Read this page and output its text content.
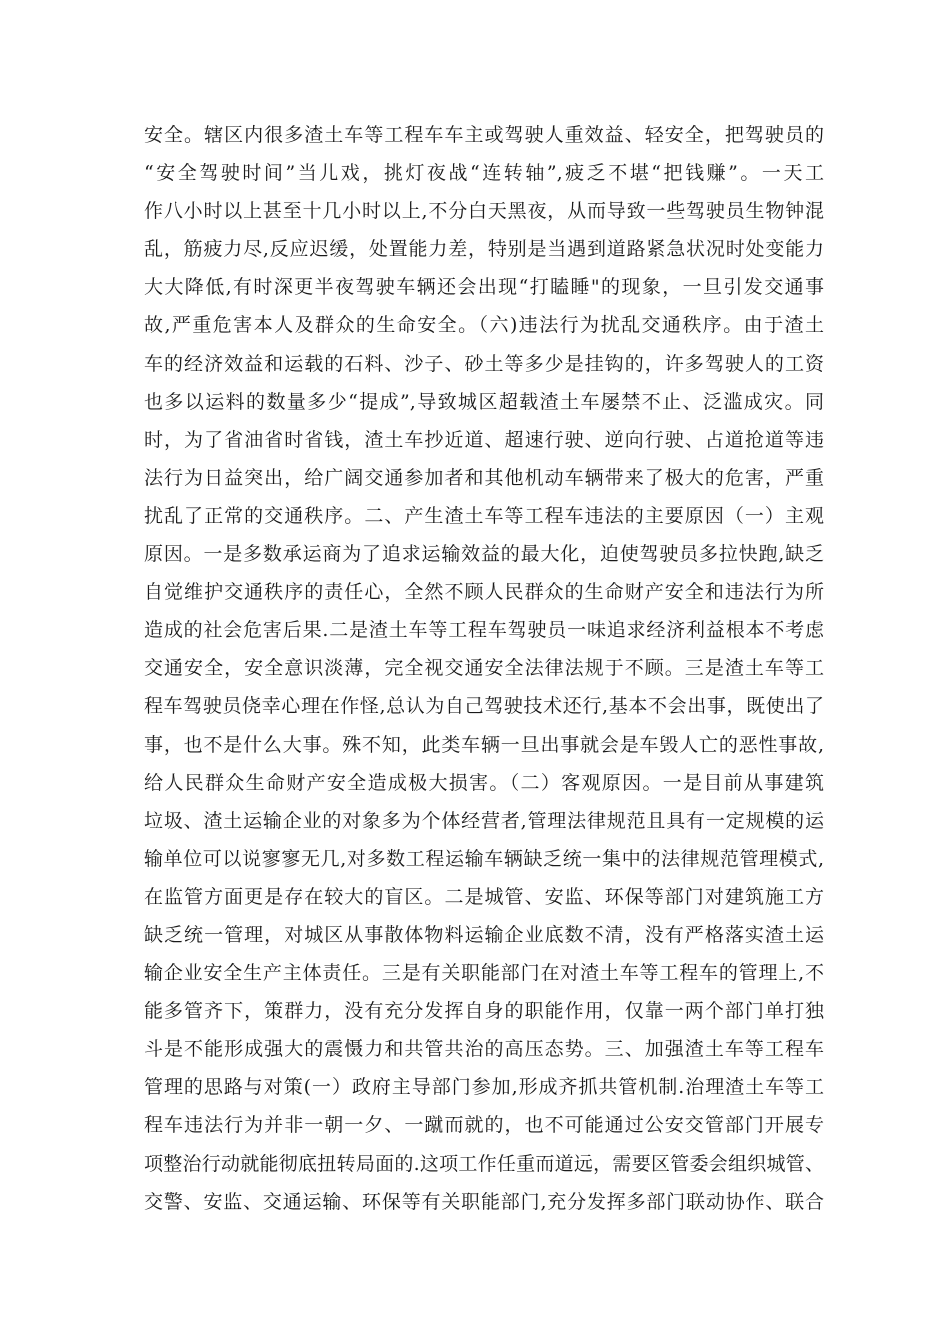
安全。辖区内很多渣土车等工程车车主或驾驶人重效益、轻安全，把驾驶员的
“安全驾驶时间”当儿戏，挑灯夜战“连转轴”,疲乏不堪“把钱赚”。一天工
作八小时以上甚至十几小时以上,不分白天黑夜，从而导致一些驾驶员生物钟混
乱，筋疲力尽,反应迟缓，处置能力差，特别是当遇到道路紧急状况时处变能力
大大降低,有时深更半夜驾驶车辆还会出现“打瞌睡"的现象，一旦引发交通事
故,严重危害本人及群众的生命安全。（六)违法行为扰乱交通秩序。由于渣土
车的经济效益和运载的石料、沙子、砂土等多少是挂钩的，许多驾驶人的工资
也多以运料的数量多少“提成”,导致城区超载渣土车屡禁不止、泛滥成灾。同
时，为了省油省时省钱，渣土车抄近道、超速行驶、逆向行驶、占道抢道等违
法行为日益突出，给广阔交通参加者和其他机动车辆带来了极大的危害，严重
扰乱了正常的交通秩序。二、产生渣土车等工程车违法的主要原因（一）主观
原因。一是多数承运商为了追求运输效益的最大化，迫使驾驶员多拉快跑,缺乏
自觉维护交通秩序的责任心，全然不顾人民群众的生命财产安全和违法行为所
造成的社会危害后果.二是渣土车等工程车驾驶员一味追求经济利益根本不考虑
交通安全，安全意识淡薄，完全视交通安全法律法规于不顾。三是渣土车等工
程车驾驶员侥幸心理在作怪,总认为自己驾驶技术还行,基本不会出事，既使出了
事，也不是什么大事。殊不知，此类车辆一旦出事就会是车毁人亡的恶性事故,
给人民群众生命财产安全造成极大损害。（二）客观原因。一是目前从事建筑
垃圾、渣土运输企业的对象多为个体经营者,管理法律规范且具有一定规模的运
输单位可以说寥寥无几,对多数工程运输车辆缺乏统一集中的法律规范管理模式,
在监管方面更是存在较大的盲区。二是城管、安监、环保等部门对建筑施工方
缺乏统一管理，对城区从事散体物料运输企业底数不清，没有严格落实渣土运
输企业安全生产主体责任。三是有关职能部门在对渣土车等工程车的管理上,不
能多管齐下，策群力，没有充分发挥自身的职能作用，仅靠一两个部门单打独
斗是不能形成强大的震慑力和共管共治的高压态势。三、加强渣土车等工程车
管理的思路与对策(一）政府主导部门参加,形成齐抓共管机制.治理渣土车等工
程车违法行为并非一朝一夕、一蹴而就的，也不可能通过公安交管部门开展专
项整治行动就能彻底扭转局面的.这项工作任重而道远，需要区管委会组织城管、
交警、安监、交通运输、环保等有关职能部门,充分发挥多部门联动协作、联合
